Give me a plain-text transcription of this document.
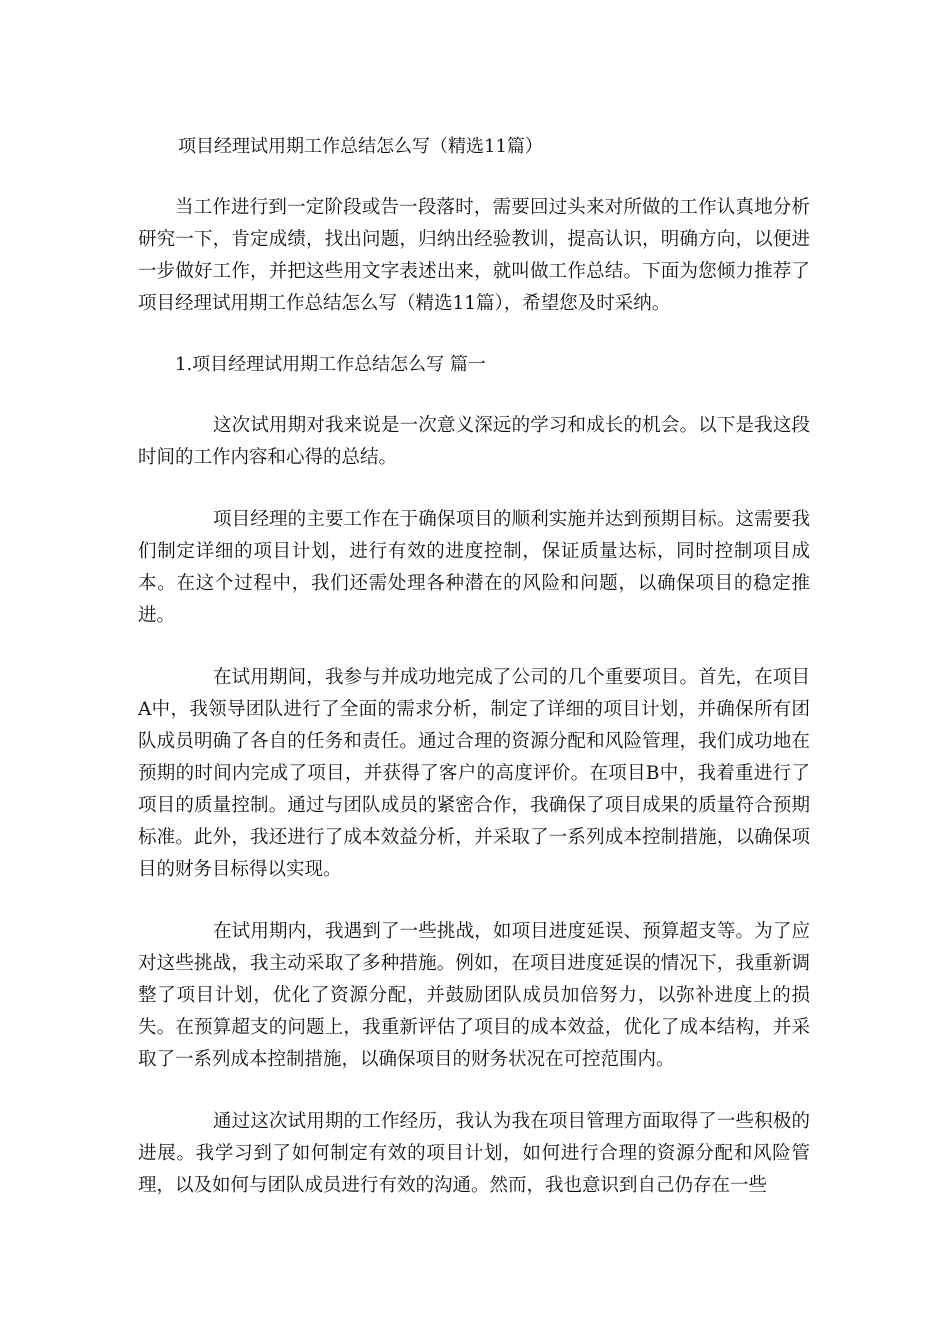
项目经理试用期工作总结怎么写（精选11篇）

当工作进行到一定阶段或告一段落时，需要回过头来对所做的工作认真地分析研究一下，肯定成绩，找出问题，归纳出经验教训，提高认识，明确方向，以便进一步做好工作，并把这些用文字表述出来，就叫做工作总结。下面为您倾力推荐了项目经理试用期工作总结怎么写（精选11篇），希望您及时采纳。

1.项目经理试用期工作总结怎么写 篇一

这次试用期对我来说是一次意义深远的学习和成长的机会。以下是我这段时间的工作内容和心得的总结。

项目经理的主要工作在于确保项目的顺利实施并达到预期目标。这需要我们制定详细的项目计划，进行有效的进度控制，保证质量达标，同时控制项目成本。在这个过程中，我们还需处理各种潜在的风险和问题，以确保项目的稳定推进。

在试用期间，我参与并成功地完成了公司的几个重要项目。首先，在项目A中，我领导团队进行了全面的需求分析，制定了详细的项目计划，并确保所有团队成员明确了各自的任务和责任。通过合理的资源分配和风险管理，我们成功地在预期的时间内完成了项目，并获得了客户的高度评价。在项目B中，我着重进行了项目的质量控制。通过与团队成员的紧密合作，我确保了项目成果的质量符合预期标准。此外，我还进行了成本效益分析，并采取了一系列成本控制措施，以确保项目的财务目标得以实现。

在试用期内，我遇到了一些挑战，如项目进度延误、预算超支等。为了应对这些挑战，我主动采取了多种措施。例如，在项目进度延误的情况下，我重新调整了项目计划，优化了资源分配，并鼓励团队成员加倍努力，以弥补进度上的损失。在预算超支的问题上，我重新评估了项目的成本效益，优化了成本结构，并采取了一系列成本控制措施，以确保项目的财务状况在可控范围内。

通过这次试用期的工作经历，我认为我在项目管理方面取得了一些积极的进展。我学习到了如何制定有效的项目计划，如何进行合理的资源分配和风险管理，以及如何与团队成员进行有效的沟通。然而，我也意识到自己仍存在一些
